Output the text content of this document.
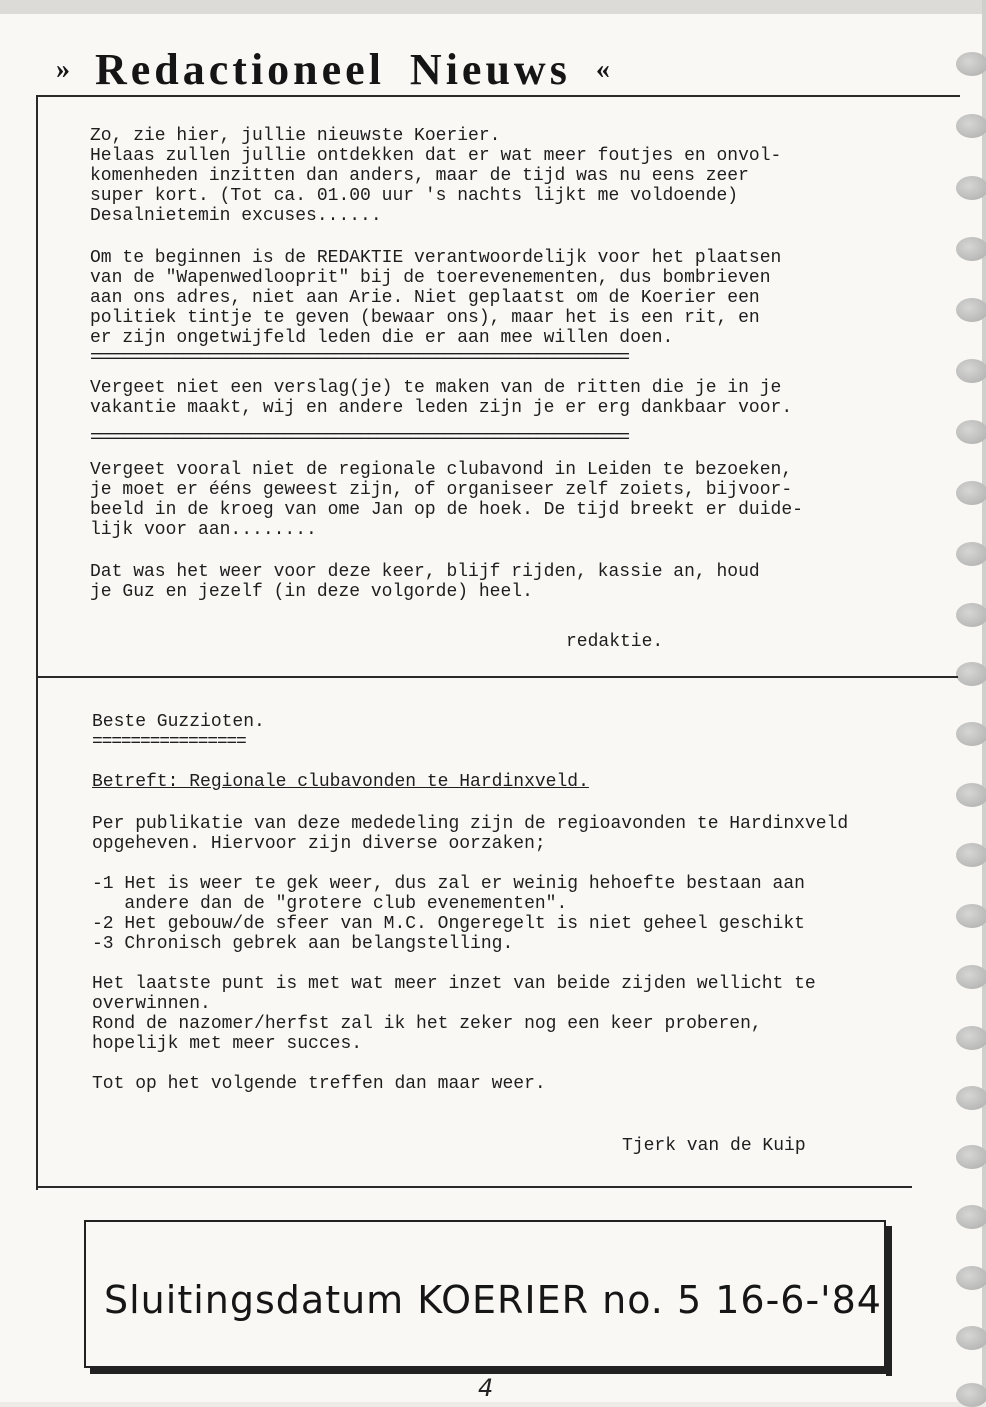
» Redactioneel Nieuws «

Zo, zie hier, jullie nieuwste Koerier.
Helaas zullen jullie ontdekken dat er wat meer foutjes en onvol-
komenheden inzitten dan anders, maar de tijd was nu eens zeer
super kort. (Tot ca. 01.00 uur 's nachts lijkt me voldoende)
Desalnietemin excuses......

Om te beginnen is de REDAKTIE verantwoordelijk voor het plaatsen
van de "Wapenwedlooprit" bij de toerevenementen, dus bombrieven
aan ons adres, niet aan Arie. Niet geplaatst om de Koerier een
politiek tintje te geven (bewaar ons), maar het is een rit, en
er zijn ongetwijfeld leden die er aan mee willen doen.

================================================================

Vergeet niet een verslag(je) te maken van de ritten die je in je
vakantie maakt, wij en andere leden zijn je er erg dankbaar voor.

================================================================

Vergeet vooral niet de regionale clubavond in Leiden te bezoeken,
je moet er ééns geweest zijn, of organiseer zelf zoiets, bijvoor-
beeld in de kroeg van ome Jan op de hoek. De tijd breekt er duide-
lijk voor aan........

Dat was het weer voor deze keer, blijf rijden, kassie an, houd
je Guz en jezelf (in deze volgorde) heel.

redaktie.

Beste Guzzioten.

================

Betreft: Regionale clubavonden te Hardinxveld.

Per publikatie van deze mededeling zijn de regioavonden te Hardinxveld
opgeheven. Hiervoor zijn diverse oorzaken;

-1 Het is weer te gek weer, dus zal er weinig hehoefte bestaan aan
andere dan de "grotere club evenementen".
-2 Het gebouw/de sfeer van M.C. Ongeregelt is niet geheel geschikt
-3 Chronisch gebrek aan belangstelling.

Het laatste punt is met wat meer inzet van beide zijden wellicht te
overwinnen.
Rond de nazomer/herfst zal ik het zeker nog een keer proberen,
hopelijk met meer succes.

Tot op het volgende treffen dan maar weer.

Tjerk van de Kuip

Sluitingsdatum KOERIER no. 5 16-6-'84

4
